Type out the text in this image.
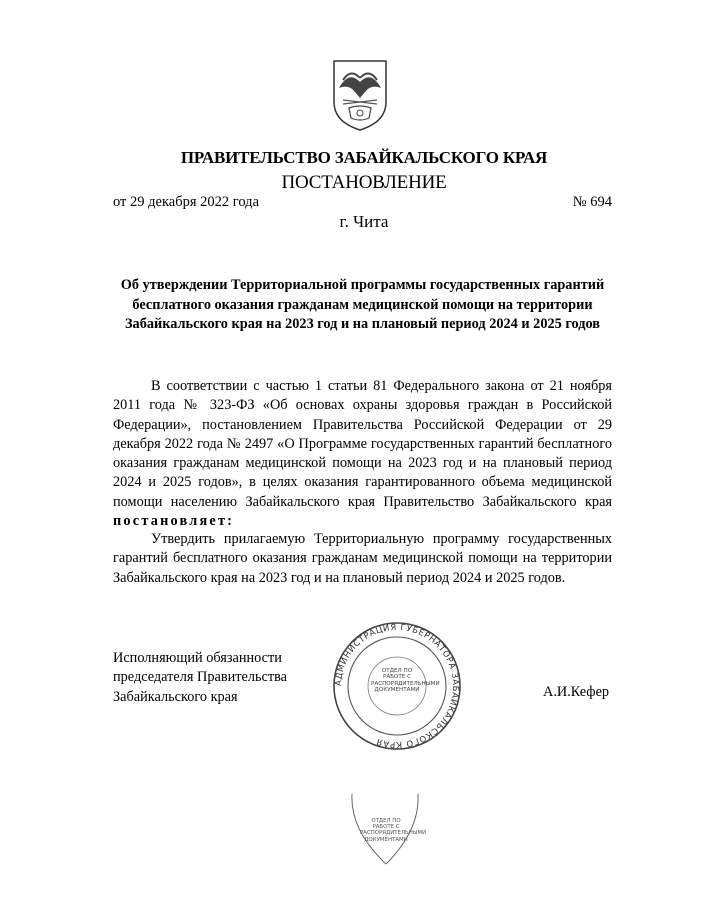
ПРАВИТЕЛЬСТВО ЗАБАЙКАЛЬСКОГО КРАЯ
ПОСТАНОВЛЕНИЕ
от 29 декабря 2022 года	№ 694
г. Чита
Об утверждении Территориальной программы государственных гарантий бесплатного оказания гражданам медицинской помощи на территории Забайкальского края на 2023 год и на плановый период 2024 и 2025 годов
В соответствии с частью 1 статьи 81 Федерального закона от 21 ноября 2011 года № 323-ФЗ «Об основах охраны здоровья граждан в Российской Федерации», постановлением Правительства Российской Федерации от 29 декабря 2022 года № 2497 «О Программе государственных гарантий бесплатного оказания гражданам медицинской помощи на 2023 год и на плановый период 2024 и 2025 годов», в целях оказания гарантированного объема медицинской помощи населению Забайкальского края Правительство Забайкальского края постановляет:
Утвердить прилагаемую Территориальную программу государственных гарантий бесплатного оказания гражданам медицинской помощи на территории Забайкальского края на 2023 год и на плановый период 2024 и 2025 годов.
Исполняющий обязанности
председателя Правительства
Забайкальского края
АДМИНИСТРАЦИЯ ГУБЕРНАТОРА ЗАБАЙКАЛЬСКОГО КРАЯ
ОТДЕЛ ПО РАБОТЕ С РАСПОРЯДИТЕЛЬНЫМИ ДОКУМЕНТАМИ	А.И.Кефер
ОТДЕЛ ПО РАБОТЕ С РАСПОРЯДИТЕЛЬНЫМИ ДОКУМЕНТАМИ
